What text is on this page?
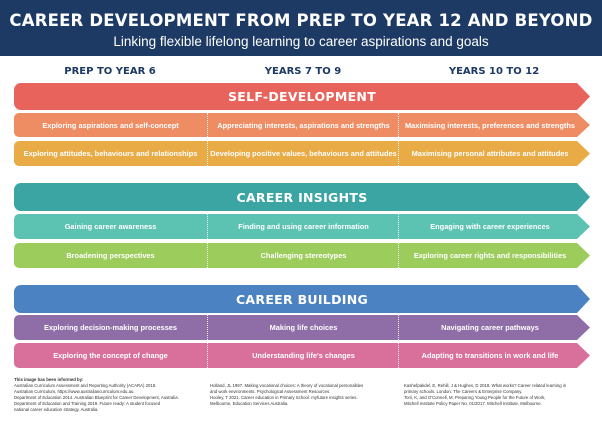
CAREER DEVELOPMENT FROM PREP TO YEAR 12 AND BEYOND
Linking flexible lifelong learning to career aspirations and goals
PREP TO YEAR 6	YEARS 7 TO 9	YEARS 10 TO 12
SELF-DEVELOPMENT
Exploring aspirations and self-concept	Appreciating interests, aspirations and strengths	Maximising interests, preferences and strengths
Exploring attitudes, behaviours and relationships	Developing positive values, behaviours and attitudes	Maximising personal attributes and attitudes
CAREER INSIGHTS
Gaining career awareness	Finding and using career information	Engaging with career experiences
Broadening perspectives	Challenging stereotypes	Exploring career rights and responsibilities
CAREER BUILDING
Exploring decision-making processes	Making life choices	Navigating career pathways
Exploring the concept of change	Understanding life's changes	Adapting to transitions in work and life
This image has been informed by:
Australian Curriculum Assessment and Reporting Authority (ACARA) 2018.
Australian Curriculum, https://www.australiancurriculum.edu.au.
Department of Education 2014. Australian Blueprint for Career Development, Australia.
Department of Education and Training 2019. Future ready: A student focused
national career education strategy, Australia.
Holland, JL 1997. Making vocational choices: A theory of vocational personalities
and work environments. Psychological Assessment Resources.
Hooley, T 2021. Career education in Primary School. myfuture insights series.
Melbourne, Education Services Australia.
Kashefpakdel, E, Rehill, J & Hughes, D 2018. What works? Career related learning in
primary schools. London: The Careers & Enterprise Company.
Torii, K, and O'Connell, M. Preparing Young People for the Future of Work,
Mitchell Institute Policy Paper No. 01/2017. Mitchell Institute, Melbourne.
